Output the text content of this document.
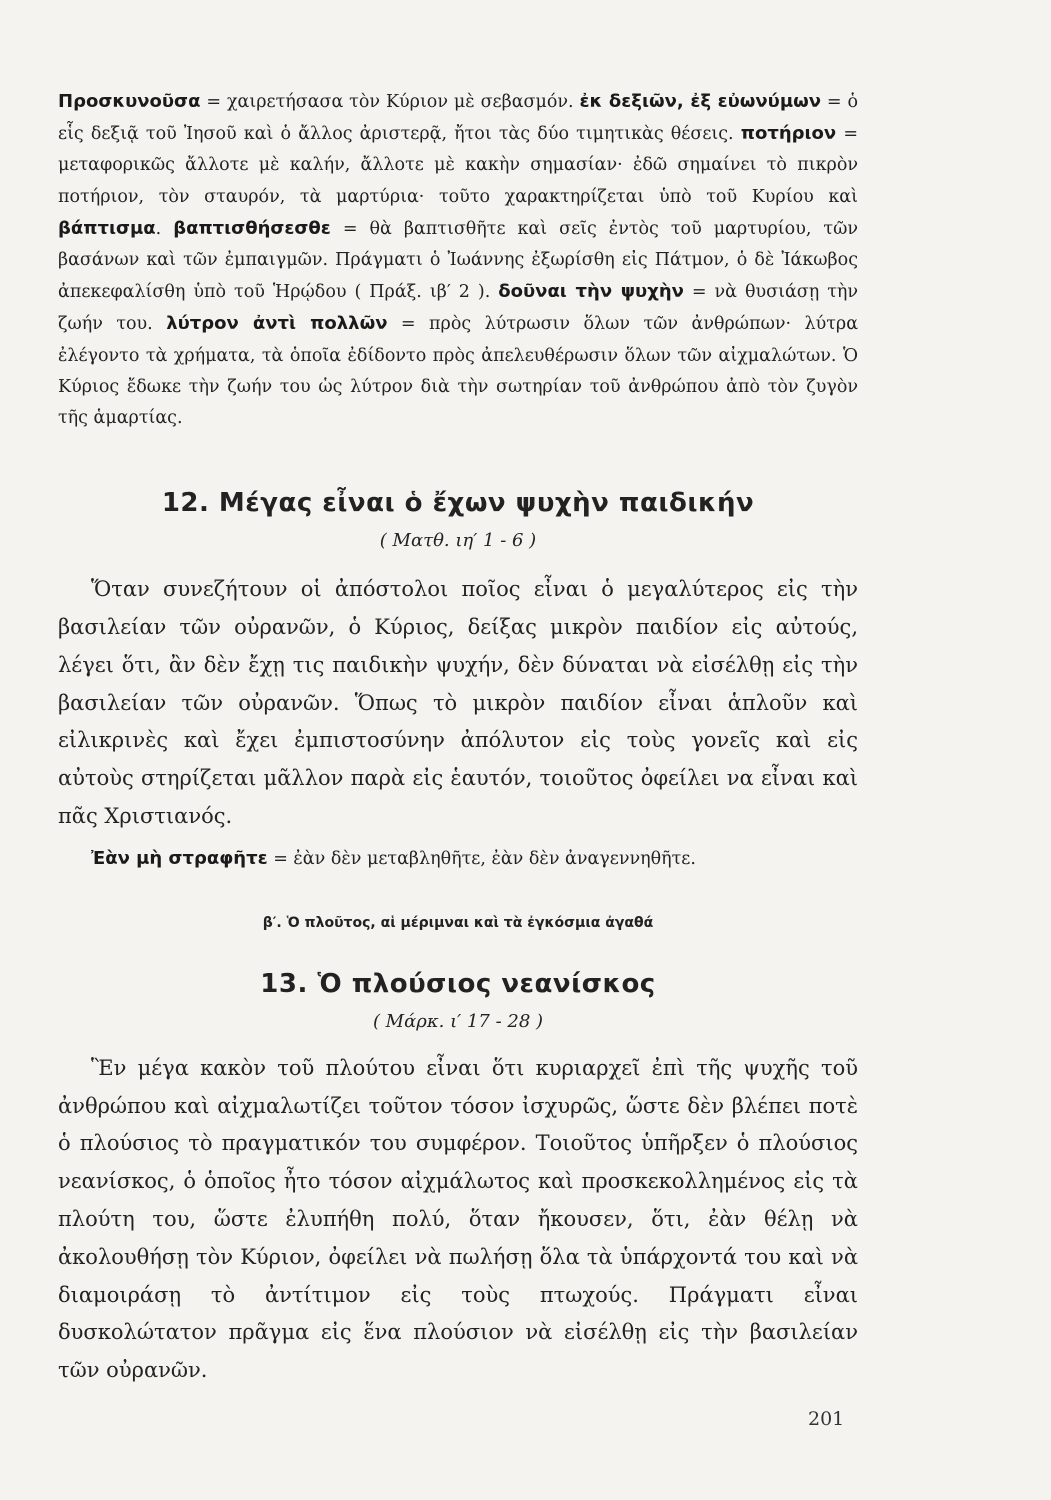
Προσκυνοῦσα = χαιρετήσασα τὸν Κύριον μὲ σεβασμόν. ἐκ δεξιῶν, ἐξ εὐωνύμων = ὁ εἷς δεξιᾷ τοῦ Ἰησοῦ καὶ ὁ ἄλλος ἀριστερᾷ, ἤτοι τὰς δύο τιμητικὰς θέσεις. ποτήριον = μεταφορικῶς ἄλλοτε μὲ καλήν, ἄλλοτε μὲ κακὴν σημασίαν· ἐδῶ σημαίνει τὸ πικρὸν ποτήριον, τὸν σταυρόν, τὰ μαρτύρια· τοῦτο χαρακτηρίζεται ὑπὸ τοῦ Κυρίου καὶ βάπτισμα. βαπτισθήσεσθε = θὰ βαπτισθῆτε καὶ σεῖς ἐντὸς τοῦ μαρτυρίου, τῶν βασάνων καὶ τῶν ἐμπαιγμῶν. Πράγματι ὁ Ἰωάννης ἐξωρίσθη εἰς Πάτμον, ὁ δὲ Ἰάκωβος ἀπεκεφαλίσθη ὑπὸ τοῦ Ἡρῴδου ( Πράξ. ιβ′ 2 ). δοῦναι τὴν ψυχὴν = νὰ θυσιάσῃ τὴν ζωήν του. λύτρον ἀντὶ πολλῶν = πρὸς λύτρωσιν ὅλων τῶν ἀνθρώπων· λύτρα ἐλέγοντο τὰ χρήματα, τὰ ὁποῖα ἐδίδοντο πρὸς ἀπελευθέρωσιν ὅλων τῶν αἰχμαλώτων. Ὁ Κύριος ἔδωκε τὴν ζωήν του ὡς λύτρον διὰ τὴν σωτηρίαν τοῦ ἀνθρώπου ἀπὸ τὸν ζυγὸν τῆς ἁμαρτίας.

12. Μέγας εἶναι ὁ ἔχων ψυχὴν παιδικήν

( Ματθ. ιη′ 1 - 6 )

Ὅταν συνεζήτουν οἱ ἀπόστολοι ποῖος εἶναι ὁ μεγαλύτερος εἰς τὴν βασιλείαν τῶν οὐρανῶν, ὁ Κύριος, δείξας μικρὸν παιδίον εἰς αὐτούς, λέγει ὅτι, ἂν δὲν ἔχῃ τις παιδικὴν ψυχήν, δὲν δύναται νὰ εἰσέλθῃ εἰς τὴν βασιλείαν τῶν οὐρανῶν. Ὅπως τὸ μικρὸν παιδίον εἶναι ἁπλοῦν καὶ εἰλικρινὲς καὶ ἔχει ἐμπιστοσύνην ἀπόλυτον εἰς τοὺς γονεῖς καὶ εἰς αὐτοὺς στηρίζεται μᾶλλον παρὰ εἰς ἑαυτόν, τοιοῦτος ὀφείλει να εἶναι καὶ πᾶς Χριστιανός.

Ἐὰν μὴ στραφῆτε = ἐὰν δὲν μεταβληθῆτε, ἐὰν δὲν ἀναγεννηθῆτε.

β′. Ὁ πλοῦτος, αἱ μέριμναι καὶ τὰ ἐγκόσμια ἀγαθά

13. Ὁ πλούσιος νεανίσκος

( Μάρκ. ι′ 17 - 28 )

Ἓν μέγα κακὸν τοῦ πλούτου εἶναι ὅτι κυριαρχεῖ ἐπὶ τῆς ψυχῆς τοῦ ἀνθρώπου καὶ αἰχμαλωτίζει τοῦτον τόσον ἰσχυρῶς, ὥστε δὲν βλέπει ποτὲ ὁ πλούσιος τὸ πραγματικόν του συμφέρον. Τοιοῦτος ὑπῆρξεν ὁ πλούσιος νεανίσκος, ὁ ὁποῖος ἦτο τόσον αἰχμάλωτος καὶ προσκεκολλημένος εἰς τὰ πλούτη του, ὥστε ἐλυπήθη πολύ, ὅταν ἤκουσεν, ὅτι, ἐὰν θέλῃ νὰ ἀκολουθήσῃ τὸν Κύριον, ὀφείλει νὰ πωλήσῃ ὅλα τὰ ὑπάρχοντά του καὶ νὰ διαμοιράσῃ τὸ ἀντίτιμον εἰς τοὺς πτωχούς. Πράγματι εἶναι δυσκολώτατον πρᾶγμα εἰς ἕνα πλούσιον νὰ εἰσέλθῃ εἰς τὴν βασιλείαν τῶν οὐρανῶν.

201
